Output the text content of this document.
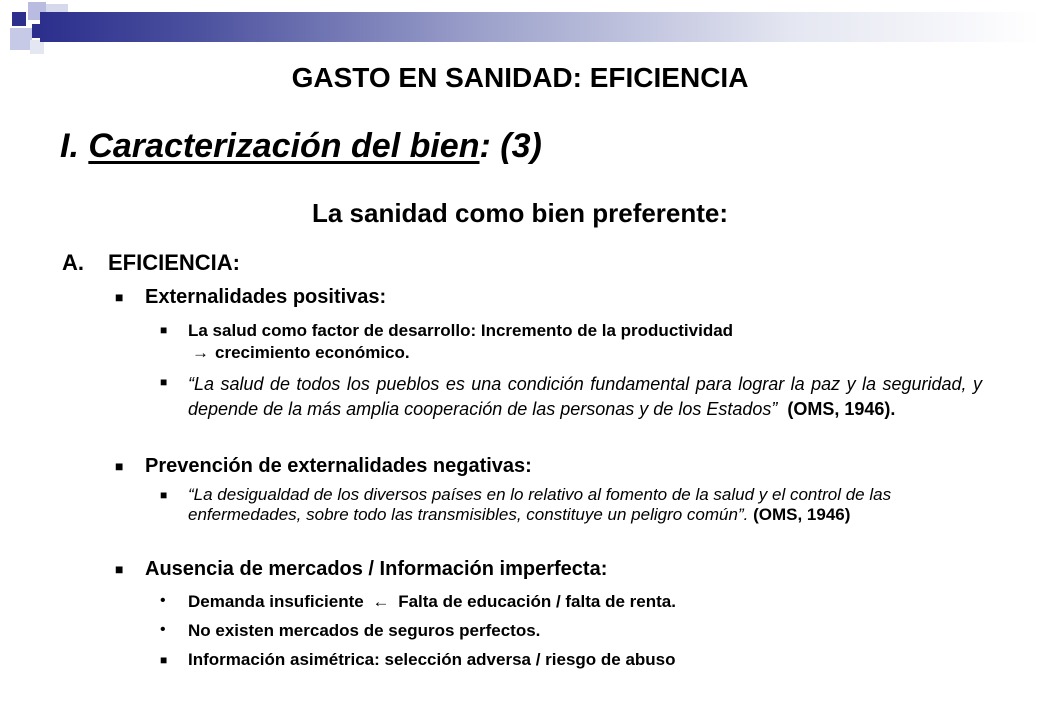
GASTO EN SANIDAD: EFICIENCIA
I. Caracterización del bien: (3)
La sanidad como bien preferente:
A. EFICIENCIA:
■	Externalidades positivas:
■	La salud como factor de desarrollo: Incremento de la productividad
→ crecimiento económico.
■	“La salud de todos los pueblos es una condición fundamental para lograr la paz y la seguridad, y depende de la más amplia cooperación de las personas y de los Estados” (OMS, 1946).
■	Prevención de externalidades negativas:
■	“La desigualdad de los diversos países en lo relativo al fomento de la salud y el control de las enfermedades, sobre todo las transmisibles, constituye un peligro común”. (OMS, 1946)
■	Ausencia de mercados / Información imperfecta:
•	Demanda insuficiente ← Falta de educación / falta de renta.
•	No existen mercados de seguros perfectos.
■	Información asimétrica: selección adversa / riesgo de abuso
